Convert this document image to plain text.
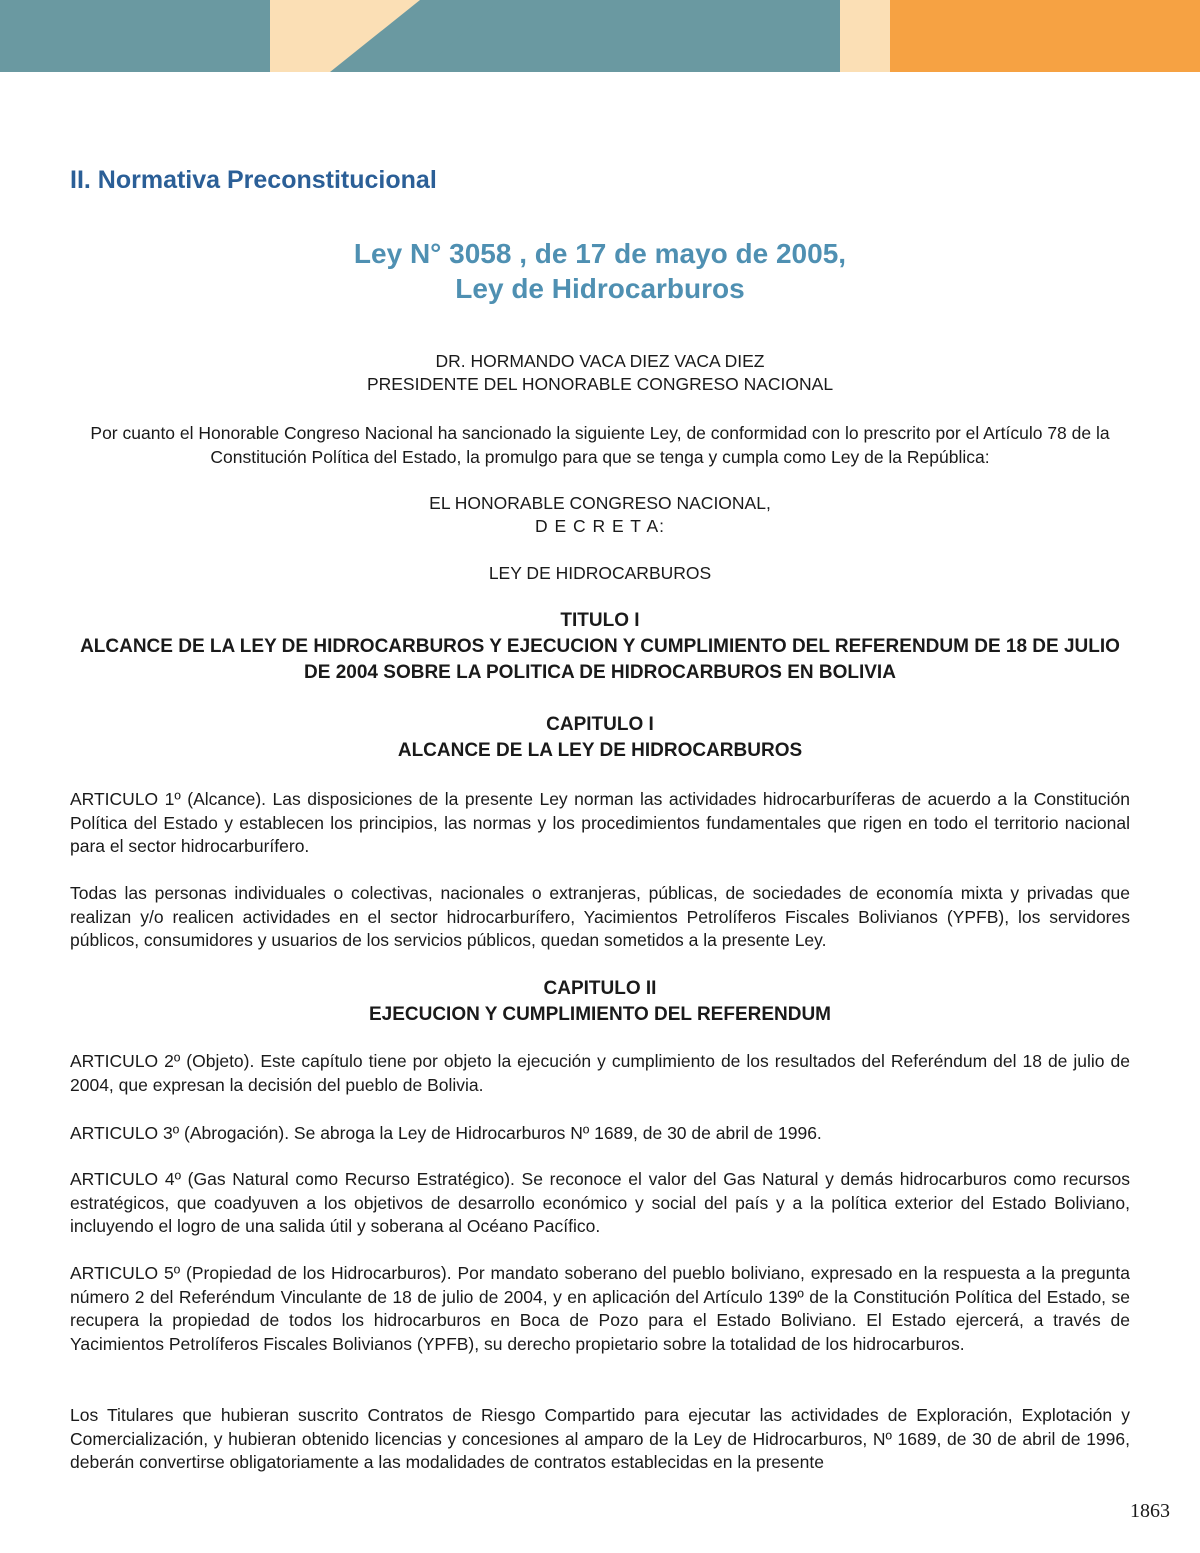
II. Normativa Preconstitucional
Ley N° 3058 , de 17 de mayo de 2005,
Ley de Hidrocarburos
DR. HORMANDO VACA DIEZ VACA DIEZ
PRESIDENTE DEL HONORABLE CONGRESO NACIONAL
Por cuanto el Honorable Congreso Nacional ha sancionado la siguiente Ley, de conformidad con lo prescrito por el Artículo 78 de la Constitución Política del Estado, la promulgo para que se tenga y cumpla como Ley de la República:
EL HONORABLE CONGRESO NACIONAL,
D E C R E T A:
LEY DE HIDROCARBUROS
TITULO I
ALCANCE DE LA LEY DE HIDROCARBUROS Y EJECUCION Y CUMPLIMIENTO DEL REFERENDUM DE 18 DE JULIO DE 2004 SOBRE LA POLITICA DE HIDROCARBUROS EN BOLIVIA
CAPITULO I
ALCANCE DE LA LEY DE HIDROCARBUROS
ARTICULO 1º (Alcance). Las disposiciones de la presente Ley norman las actividades hidrocarburíferas de acuerdo a la Constitución Política del Estado y establecen los principios, las normas y los procedimientos fundamentales que rigen en todo el territorio nacional para el sector hidrocarburífero.
Todas las personas individuales o colectivas, nacionales o extranjeras, públicas, de sociedades de economía mixta y privadas que realizan y/o realicen actividades en el sector hidrocarburífero, Yacimientos Petrolíferos Fiscales Bolivianos (YPFB), los servidores públicos, consumidores y usuarios de los servicios públicos, quedan sometidos a la presente Ley.
CAPITULO II
EJECUCION Y CUMPLIMIENTO DEL REFERENDUM
ARTICULO 2º (Objeto). Este capítulo tiene por objeto la ejecución y cumplimiento de los resultados del Referéndum del 18 de julio de 2004, que expresan la decisión del pueblo de Bolivia.
ARTICULO 3º (Abrogación). Se abroga la Ley de Hidrocarburos Nº 1689, de 30 de abril de 1996.
ARTICULO 4º (Gas Natural como Recurso Estratégico). Se reconoce el valor del Gas Natural y demás hidrocarburos como recursos estratégicos, que coadyuven a los objetivos de desarrollo económico y social del país y a la política exterior del Estado Boliviano, incluyendo el logro de una salida útil y soberana al Océano Pacífico.
ARTICULO 5º (Propiedad de los Hidrocarburos). Por mandato soberano del pueblo boliviano, expresado en la respuesta a la pregunta número 2 del Referéndum Vinculante de 18 de julio de 2004, y en aplicación del Artículo 139º de la Constitución Política del Estado, se recupera la propiedad de todos los hidrocarburos en Boca de Pozo para el Estado Boliviano. El Estado ejercerá, a través de Yacimientos Petrolíferos Fiscales Bolivianos (YPFB), su derecho propietario sobre la totalidad de los hidrocarburos.
Los Titulares que hubieran suscrito Contratos de Riesgo Compartido para ejecutar las actividades de Exploración, Explotación y Comercialización, y hubieran obtenido licencias y concesiones al amparo de la Ley de Hidrocarburos, Nº 1689, de 30 de abril de 1996, deberán convertirse obligatoriamente a las modalidades de contratos establecidas en la presente
1863
